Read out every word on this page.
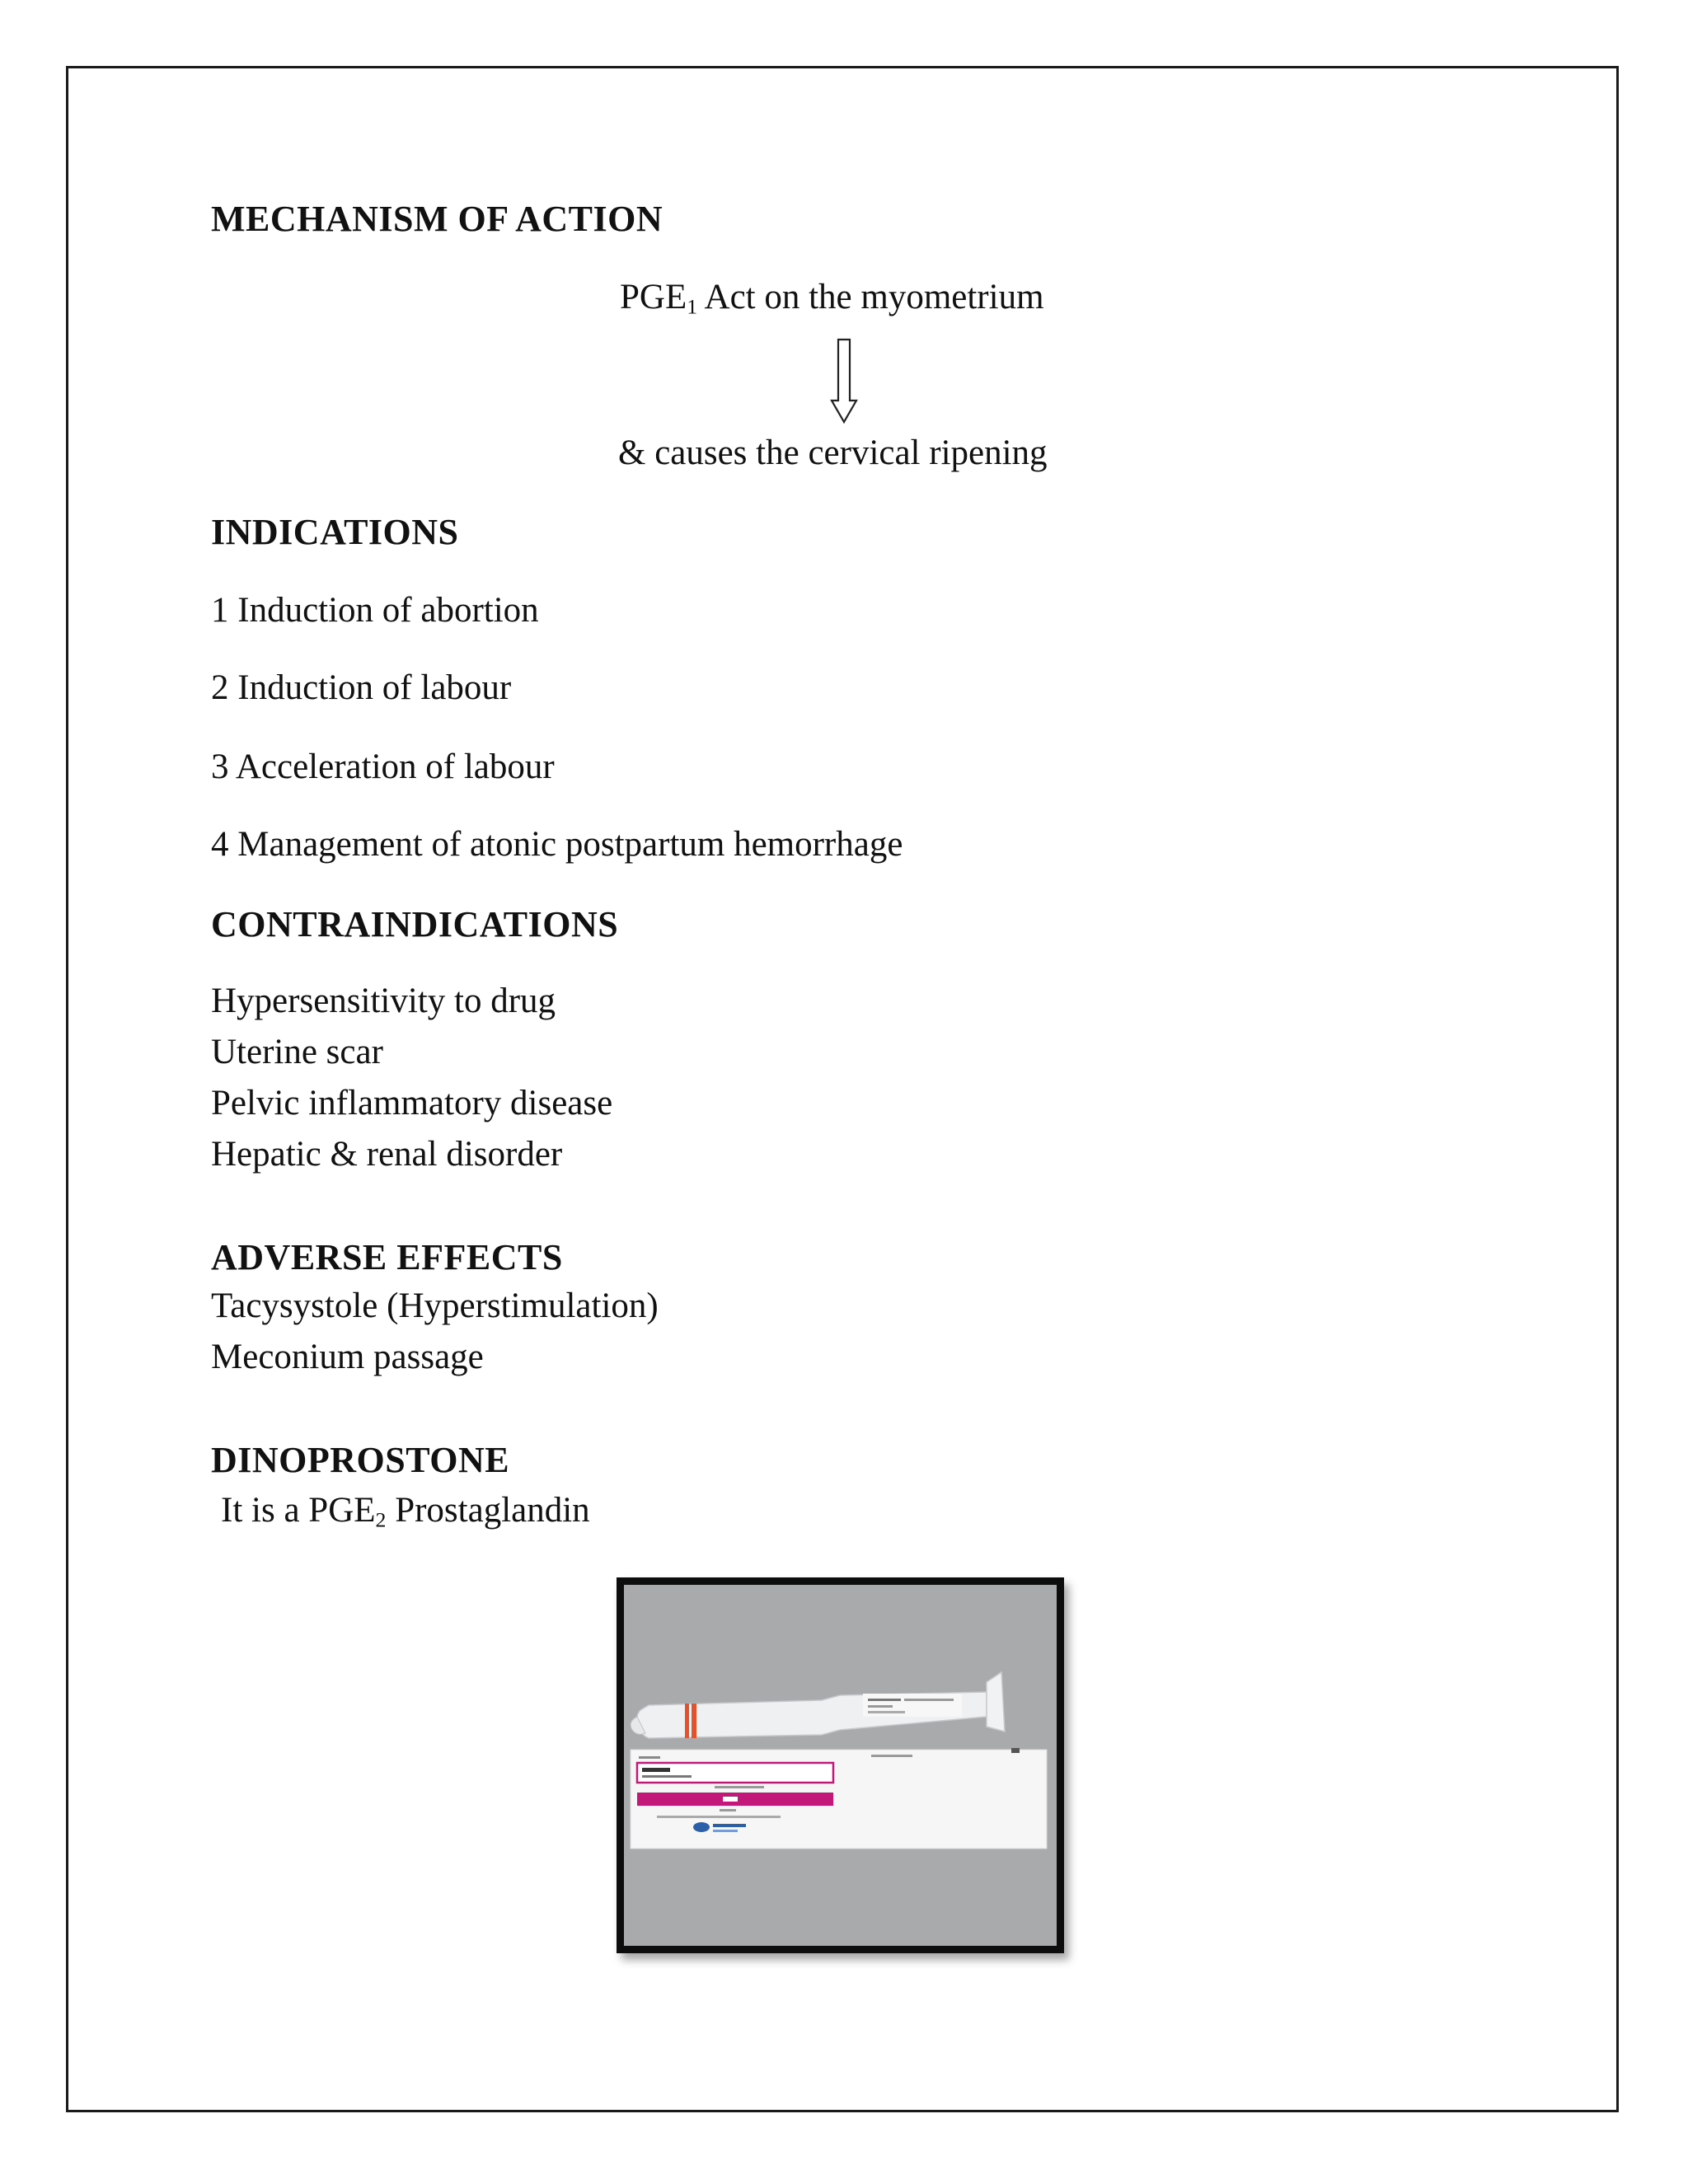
MECHANISM OF ACTION
$PGE_1$ Act on the myometrium
& causes the cervical ripening
INDICATIONS
1 Induction of abortion
2 Induction of labour
3 Acceleration of labour
4 Management of atonic postpartum hemorrhage
CONTRAINDICATIONS
Hypersensitivity to drug
Uterine scar
Pelvic inflammatory disease
Hepatic & renal disorder
ADVERSE EFFECTS
Tacysystole (Hyperstimulation)
Meconium passage
DINOPROSTONE
It is a $PGE_2$ Prostaglandin
